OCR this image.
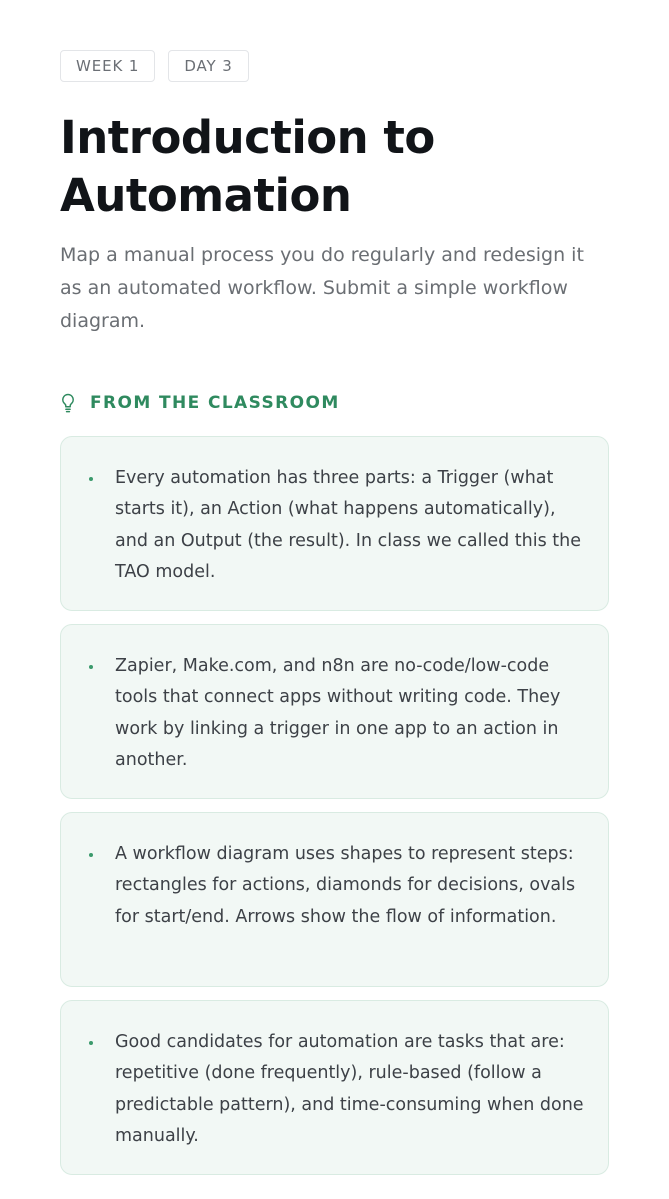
WEEK 1	DAY 3
Introduction to Automation

Map a manual process you do regularly and redesign it as an automated workflow. Submit a simple workflow diagram.

FROM THE CLASSROOM
Every automation has three parts: a Trigger (what starts it), an Action (what happens automatically), and an Output (the result). In class we called this the TAO model.
Zapier, Make.com, and n8n are no-code/low-code tools that connect apps without writing code. They work by linking a trigger in one app to an action in another.
A workflow diagram uses shapes to represent steps: rectangles for actions, diamonds for decisions, ovals for start/end. Arrows show the flow of information.
Good candidates for automation are tasks that are: repetitive (done frequently), rule-based (follow a predictable pattern), and time-consuming when done manually.
